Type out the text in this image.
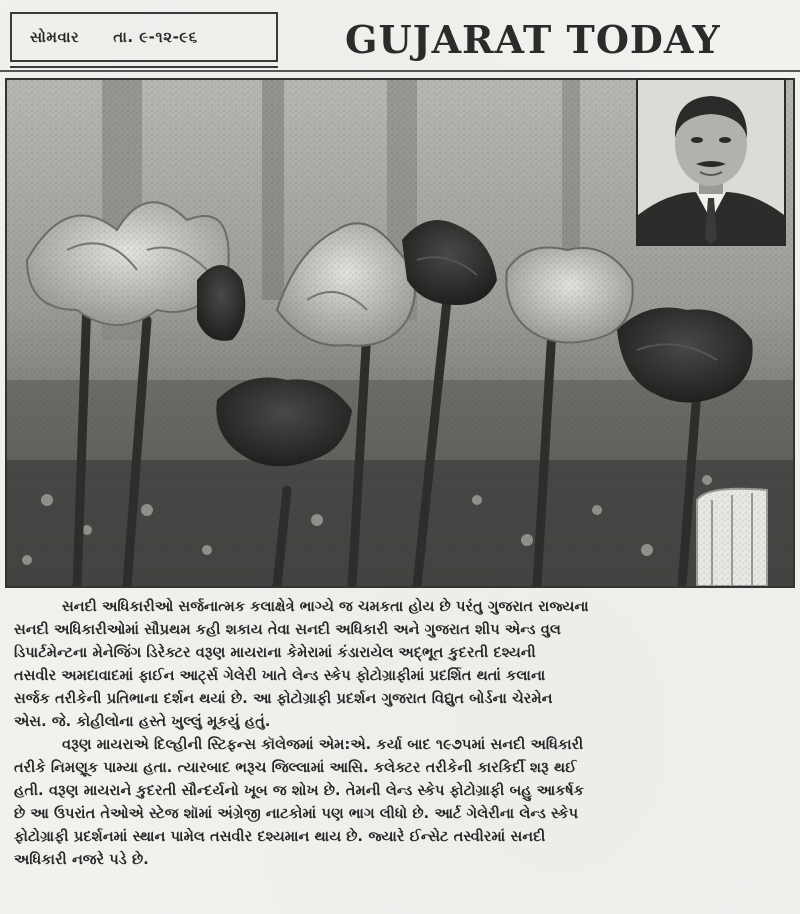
સોમવાર તા. ૯-૧૨-૯૬	GUJARAT TODAY
સનદી અધિકારીઓ સર્જનાત્મક કલાક્ષેત્રે ભાગ્યે જ ચમકતા હોય છે પરંતુ ગુજરાત રાજ્યના
સનદી અધિકારીઓમાં સૌપ્રથમ કહી શકાય તેવા સનદી અધિકારી અને ગુજરાત શીપ એન્ડ વુલ
ડિપાર્ટમેન્ટના મેનેજિંગ ડિરેક્ટર વરૂણ માયરાના કેમેરામાં કંડારાયેલ અદ્‌ભૂત કુદરતી દશ્યની
તસવીર અમદાવાદમાં ફાઈન આર્ટ્સ ગેલેરી ખાતે લેન્ડ સ્કેપ ફોટોગ્રાફીમાં પ્રદર્શિત થતાં કલાના
સર્જક તરીકેની પ્રતિભાના દર્શન થયાં છે. આ ફોટોગ્રાફી પ્રદર્શન ગુજરાત વિદ્યુત બોર્ડના ચેરમેન
એસ. જે. કોહીલોના હસ્તે ખુલ્લું મૂકયું હતું.
વરૂણ માયરાએ દિલ્હીની સ્ટિફન્સ કૉલેજમાં એમ:એ. કર્યા બાદ ૧૯૭૫માં સનદી અધિકારી
તરીકે નિમણૂક પામ્યા હતા. ત્યારબાદ ભરૂચ જિલ્લામાં આસિ. કલેક્ટર તરીકેની કારકિર્દી શરૂ થઈ
હતી. વરૂણ માયરાને કુદરતી સૌન્દર્યનો ખૂબ જ શોખ છે. તેમની લેન્ડ સ્કેપ ફોટોગ્રાફી બહુ આકર્ષક
છે આ ઉપરાંત તેઓએ સ્ટેજ શૉમાં અંગ્રેજી નાટકોમાં પણ ભાગ લીધો છે. આર્ટ ગેલેરીના લેન્ડ સ્કેપ
ફોટોગ્રાફી પ્રદર્શનમાં સ્થાન પામેલ તસવીર દશ્યમાન થાય છે. જ્યારે ઈન્સેટ તસ્વીરમાં સનદી
અધિકારી નજરે પડે છે.
